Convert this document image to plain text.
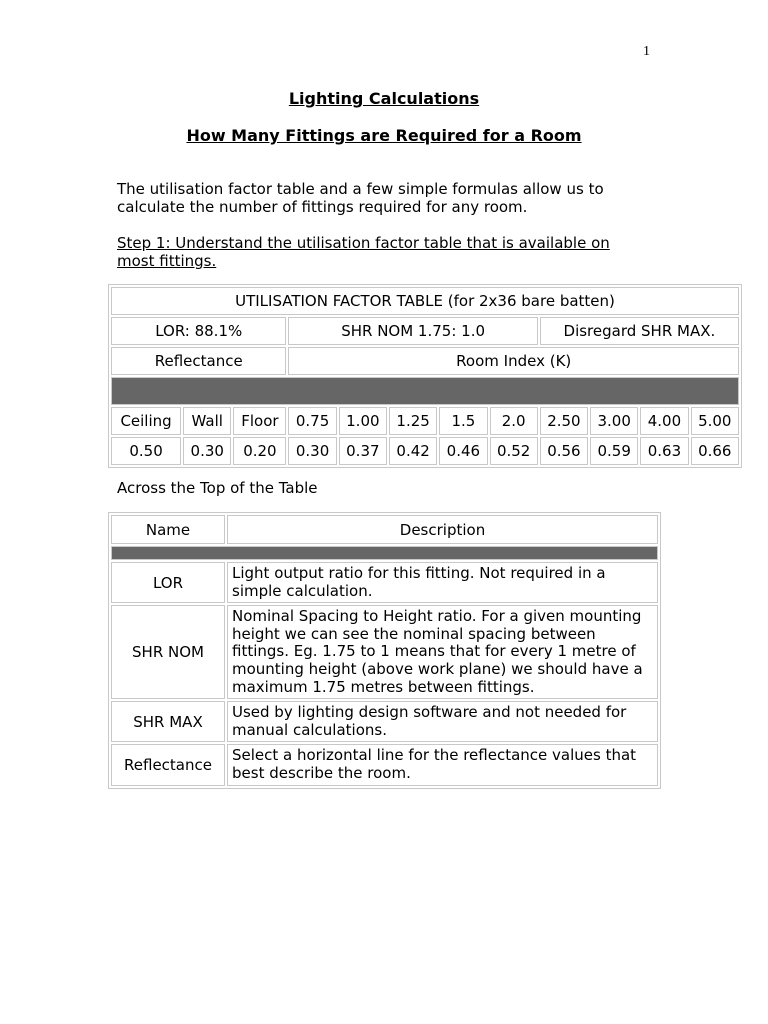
1
Lighting Calculations
How Many Fittings are Required for a Room

The utilisation factor table and a few simple formulas allow us to calculate the number of fittings required for any room.

Step 1: Understand the utilisation factor table that is available on most fittings.

UTILISATION FACTOR TABLE (for 2x36 bare batten)											
LOR: 88.1%			SHR NOM 1.75: 1.0					Disregard SHR MAX.			
Reflectance			Room Index (K)								

Ceiling	Wall	Floor	0.75	1.00	1.25	1.5	2.0	2.50	3.00	4.00	5.00
0.50	0.30	0.20	0.30	0.37	0.42	0.46	0.52	0.56	0.59	0.63	0.66

Across the Top of the Table

Name	Description

LOR	Light output ratio for this fitting. Not required in a simple calculation.
SHR NOM	Nominal Spacing to Height ratio. For a given mounting height we can see the nominal spacing between fittings. Eg. 1.75 to 1 means that for every 1 metre of mounting height (above work plane) we should have a maximum 1.75 metres between fittings.
SHR MAX	Used by lighting design software and not needed for manual calculations.
Reflectance	Select a horizontal line for the reflectance values that best describe the room.
